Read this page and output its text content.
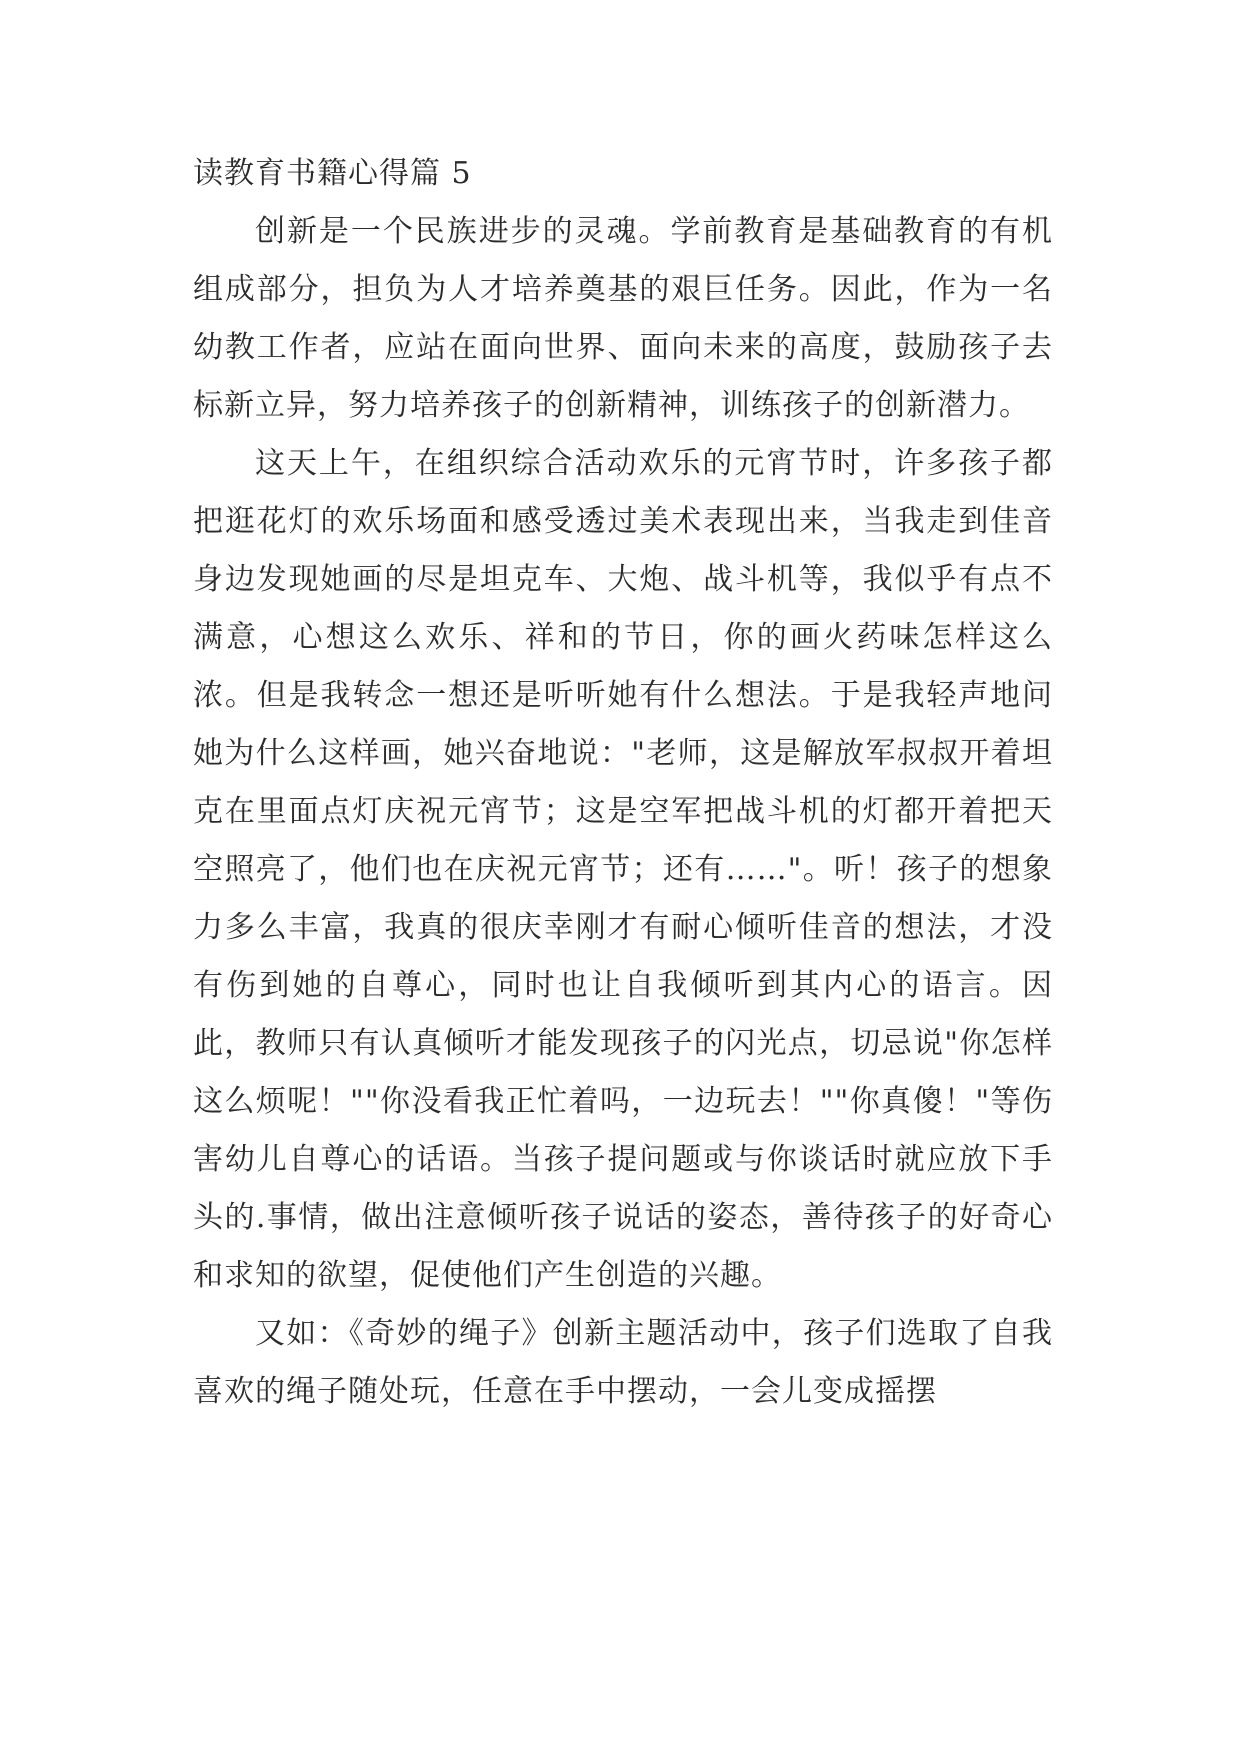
读教育书籍心得篇 5

创新是一个民族进步的灵魂。学前教育是基础教育的有机组成部分，担负为人才培养奠基的艰巨任务。因此，作为一名幼教工作者，应站在面向世界、面向未来的高度，鼓励孩子去标新立异，努力培养孩子的创新精神，训练孩子的创新潜力。

这天上午，在组织综合活动欢乐的元宵节时，许多孩子都把逛花灯的欢乐场面和感受透过美术表现出来，当我走到佳音身边发现她画的尽是坦克车、大炮、战斗机等，我似乎有点不满意，心想这么欢乐、祥和的节日，你的画火药味怎样这么浓。但是我转念一想还是听听她有什么想法。于是我轻声地问她为什么这样画，她兴奋地说："老师，这是解放军叔叔开着坦克在里面点灯庆祝元宵节；这是空军把战斗机的灯都开着把天空照亮了，他们也在庆祝元宵节；还有……"。听！孩子的想象力多么丰富，我真的很庆幸刚才有耐心倾听佳音的想法，才没有伤到她的自尊心，同时也让自我倾听到其内心的语言。因此，教师只有认真倾听才能发现孩子的闪光点，切忌说"你怎样这么烦呢！""你没看我正忙着吗，一边玩去！""你真傻！"等伤害幼儿自尊心的话语。当孩子提问题或与你谈话时就应放下手头的.事情，做出注意倾听孩子说话的姿态，善待孩子的好奇心和求知的欲望，促使他们产生创造的兴趣。

又如：《奇妙的绳子》创新主题活动中，孩子们选取了自我喜欢的绳子随处玩，任意在手中摆动，一会儿变成摇摆
